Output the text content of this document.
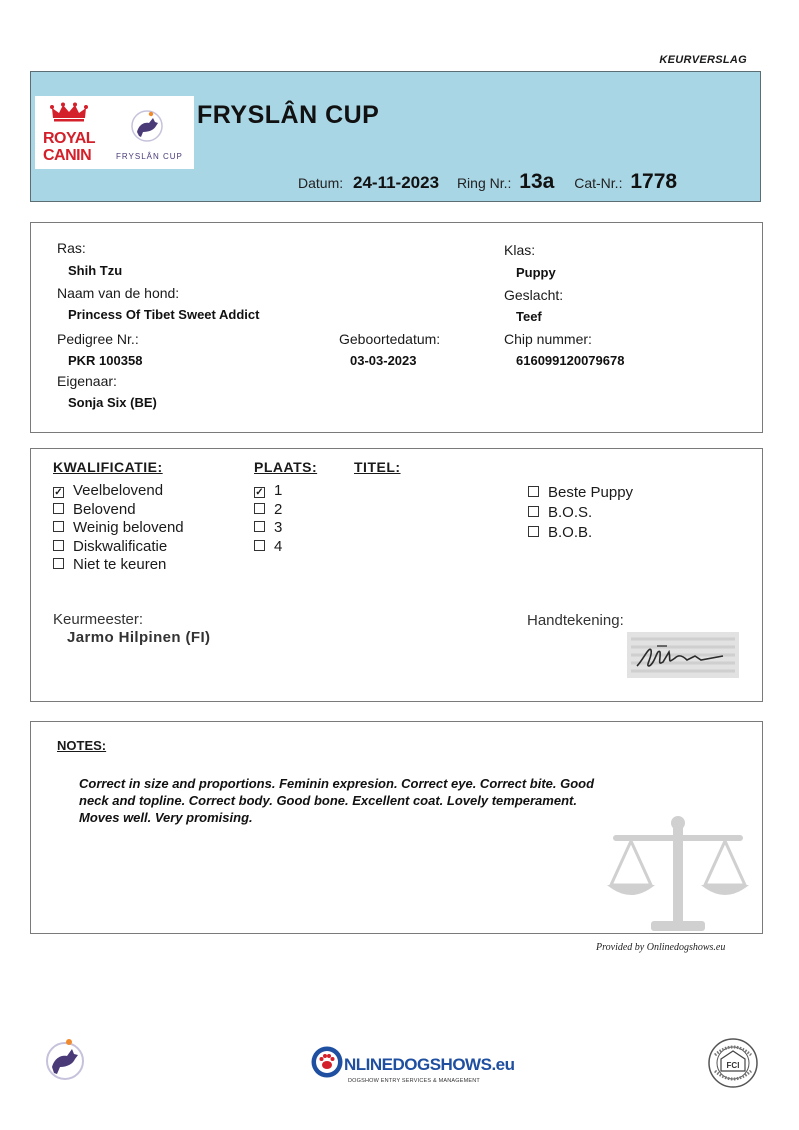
KEURVERSLAG
ROYAL
CANIN	FRYSLÂN CUP
FRYSLÂN CUP
Datum: 24-11-2023 Ring Nr.: 13a Cat-Nr.: 1778
Ras:
Shih Tzu
Naam van de hond:
Princess Of Tibet Sweet Addict
Pedigree Nr.:
PKR 100358
Eigenaar:
Sonja Six (BE)
Geboortedatum:
03-03-2023
Klas:
Puppy
Geslacht:
Teef
Chip nummer:
616099120079678
KWALIFICATIE:	PLAATS:	TITEL:
✓ Veelbelovend
Belovend
Weinig belovend
Diskwalificatie
Niet te keuren
✓ 1
2
3
4
Beste Puppy
B.O.S.
B.O.B.
Keurmeester:
Jarmo Hilpinen (FI)
Handtekening:
NOTES:
Correct in size and proportions. Feminin expresion. Correct eye. Correct bite. Good
neck and topline. Correct body. Good bone. Excellent coat. Lovely temperament.
Moves well. Very promising.
Provided by Onlinedogshows.eu
NLINEDOGSHOWS.eu
DOGSHOW ENTRY SERVICES & MANAGEMENT
FCI
